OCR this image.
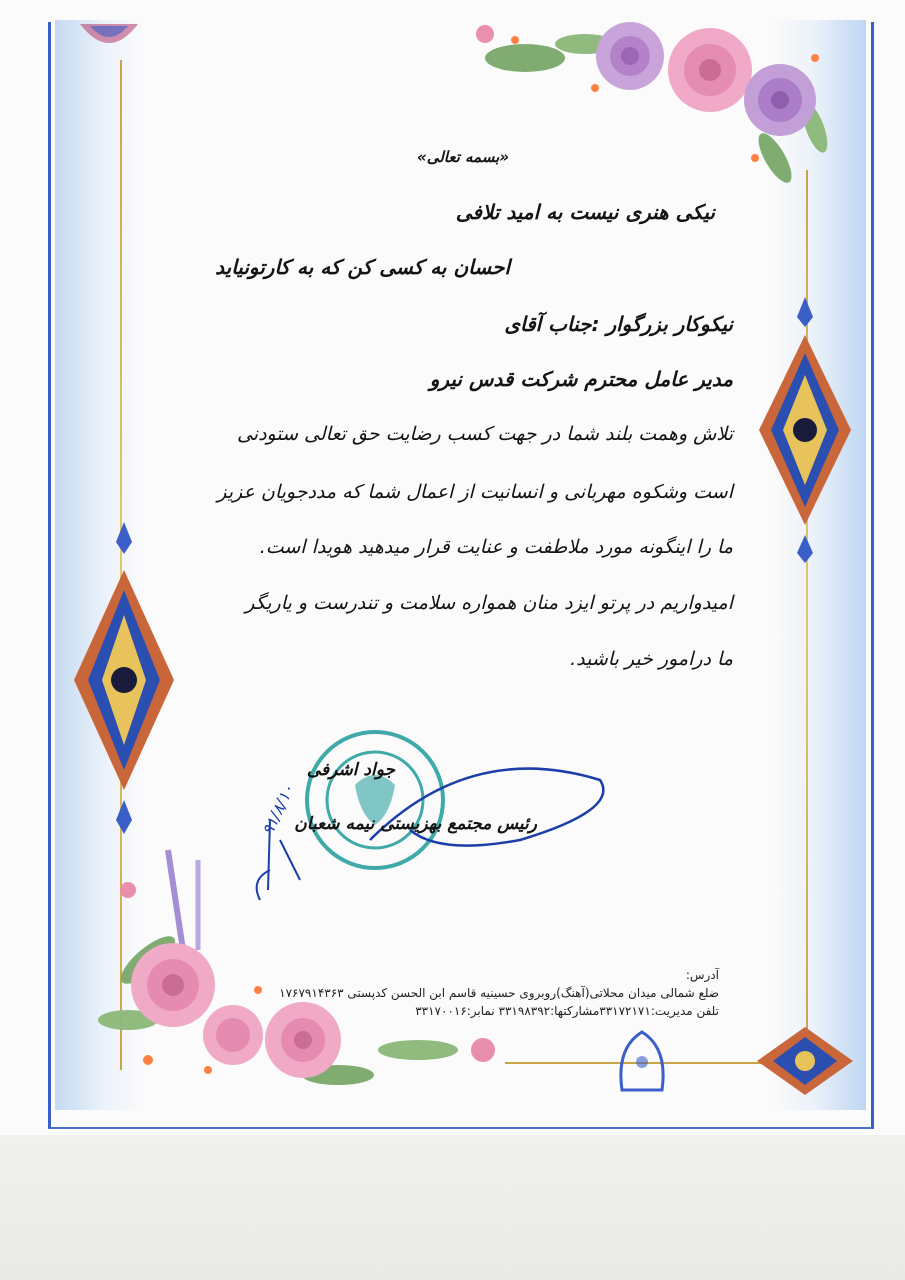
«بسمه تعالی»

نیکی هنری نیست به امید تلافی

احسان به کسی کن که به کارتونیاید

نیکوکار بزرگوار :جناب آقای

مدیر عامل محترم شرکت قدس نیرو

تلاش وهمت بلند شما در جهت کسب رضایت حق تعالی ستودنی

است وشکوه مهربانی و انسانیت از اعمال شما که مددجویان عزیز

ما را اینگونه مورد ملاطفت و عنایت قرار میدهید هویدا است.

امیدواریم در پرتو ایزد منان همواره سلامت و تندرست و یاریگر

ما درامور خیر باشید.

جواد اشرفی

رئیس مجتمع بهزیستی نیمه شعبان

۹۱/۸/۱۰

آدرس:

ضلع شمالی میدان محلاتی(آهنگ)روبروی حسینیه قاسم ابن الحسن کدپستی ۱۷۶۷۹۱۴۳۶۳

تلفن مدیریت:۳۳۱۷۲۱۷۱مشارکتها:۳۳۱۹۸۳۹۲ نمابر:۳۳۱۷۰۰۱۶
